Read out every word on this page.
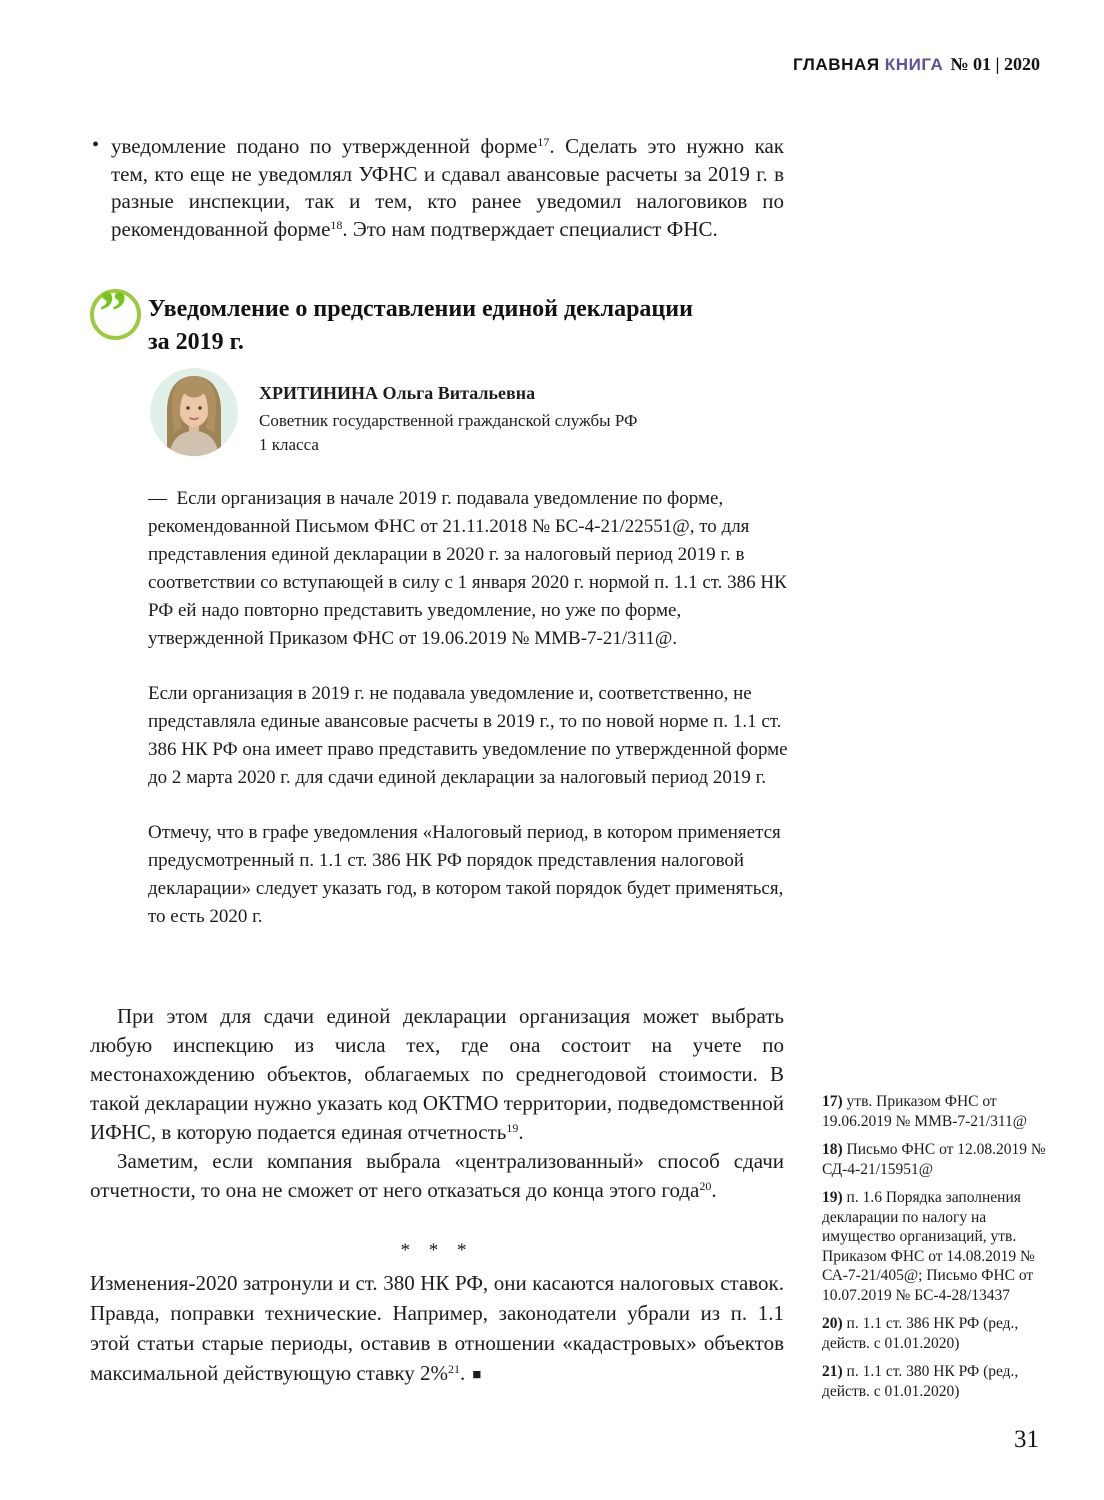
ГЛАВНАЯ КНИГА № 01 | 2020
• уведомление подано по утвержденной форме$^{17}$. Сделать это нужно как тем, кто еще не уведомлял УФНС и сдавал авансовые расчеты за 2019 г. в разные инспекции, так и тем, кто ранее уведомил налоговиков по рекомендованной форме$^{18}$. Это нам подтверждает специалист ФНС.

” Уведомление о представлении единой декларации
за 2019 г.
ХРИТИНИНА Ольга Витальевна
Советник государственной гражданской службы РФ
1 класса

— Если организация в начале 2019 г. подавала уведомление по форме, рекомендованной Письмом ФНС от 21.11.2018 № БС-4-21/22551@, то для представления единой декларации в 2020 г. за налоговый период 2019 г. в соответствии со вступающей в силу с 1 января 2020 г. нормой п. 1.1 ст. 386 НК РФ ей надо повторно представить уведомление, но уже по форме, утвержденной Приказом ФНС от 19.06.2019 № ММВ-7-21/311@.

Если организация в 2019 г. не подавала уведомление и, соответственно, не представляла единые авансовые расчеты в 2019 г., то по новой норме п. 1.1 ст. 386 НК РФ она имеет право представить уведомление по утвержденной форме до 2 марта 2020 г. для сдачи единой декларации за налоговый период 2019 г.

Отмечу, что в графе уведомления «Налоговый период, в котором применяется предусмотренный п. 1.1 ст. 386 НК РФ порядок представления налоговой декларации» следует указать год, в котором такой порядок будет применяться, то есть 2020 г.

При этом для сдачи единой декларации организация может выбрать любую инспекцию из числа тех, где она состоит на учете по местонахождению объектов, облагаемых по среднегодовой стоимости. В такой декларации нужно указать код ОКТМО территории, подведомственной ИФНС, в которую подается единая отчетность$^{19}$.

Заметим, если компания выбрала «централизованный» способ сдачи отчетности, то она не сможет от него отказаться до конца этого года$^{20}$.

* * *

Изменения-2020 затронули и ст. 380 НК РФ, они касаются налоговых ставок. Правда, поправки технические. Например, законодатели убрали из п. 1.1 этой статьи старые периоды, оставив в отношении «кадастровых» объектов максимальной действующую ставку 2%$^{21}$. ■

17) утв. Приказом ФНС от 19.06.2019 № ММВ-7-21/311@
18) Письмо ФНС от 12.08.2019 № СД-4-21/15951@
19) п. 1.6 Порядка заполнения декларации по налогу на имущество организаций, утв. Приказом ФНС от 14.08.2019 № СА-7-21/405@; Письмо ФНС от 10.07.2019 № БС-4-28/13437
20) п. 1.1 ст. 386 НК РФ (ред., действ. с 01.01.2020)
21) п. 1.1 ст. 380 НК РФ (ред., действ. с 01.01.2020)
31
